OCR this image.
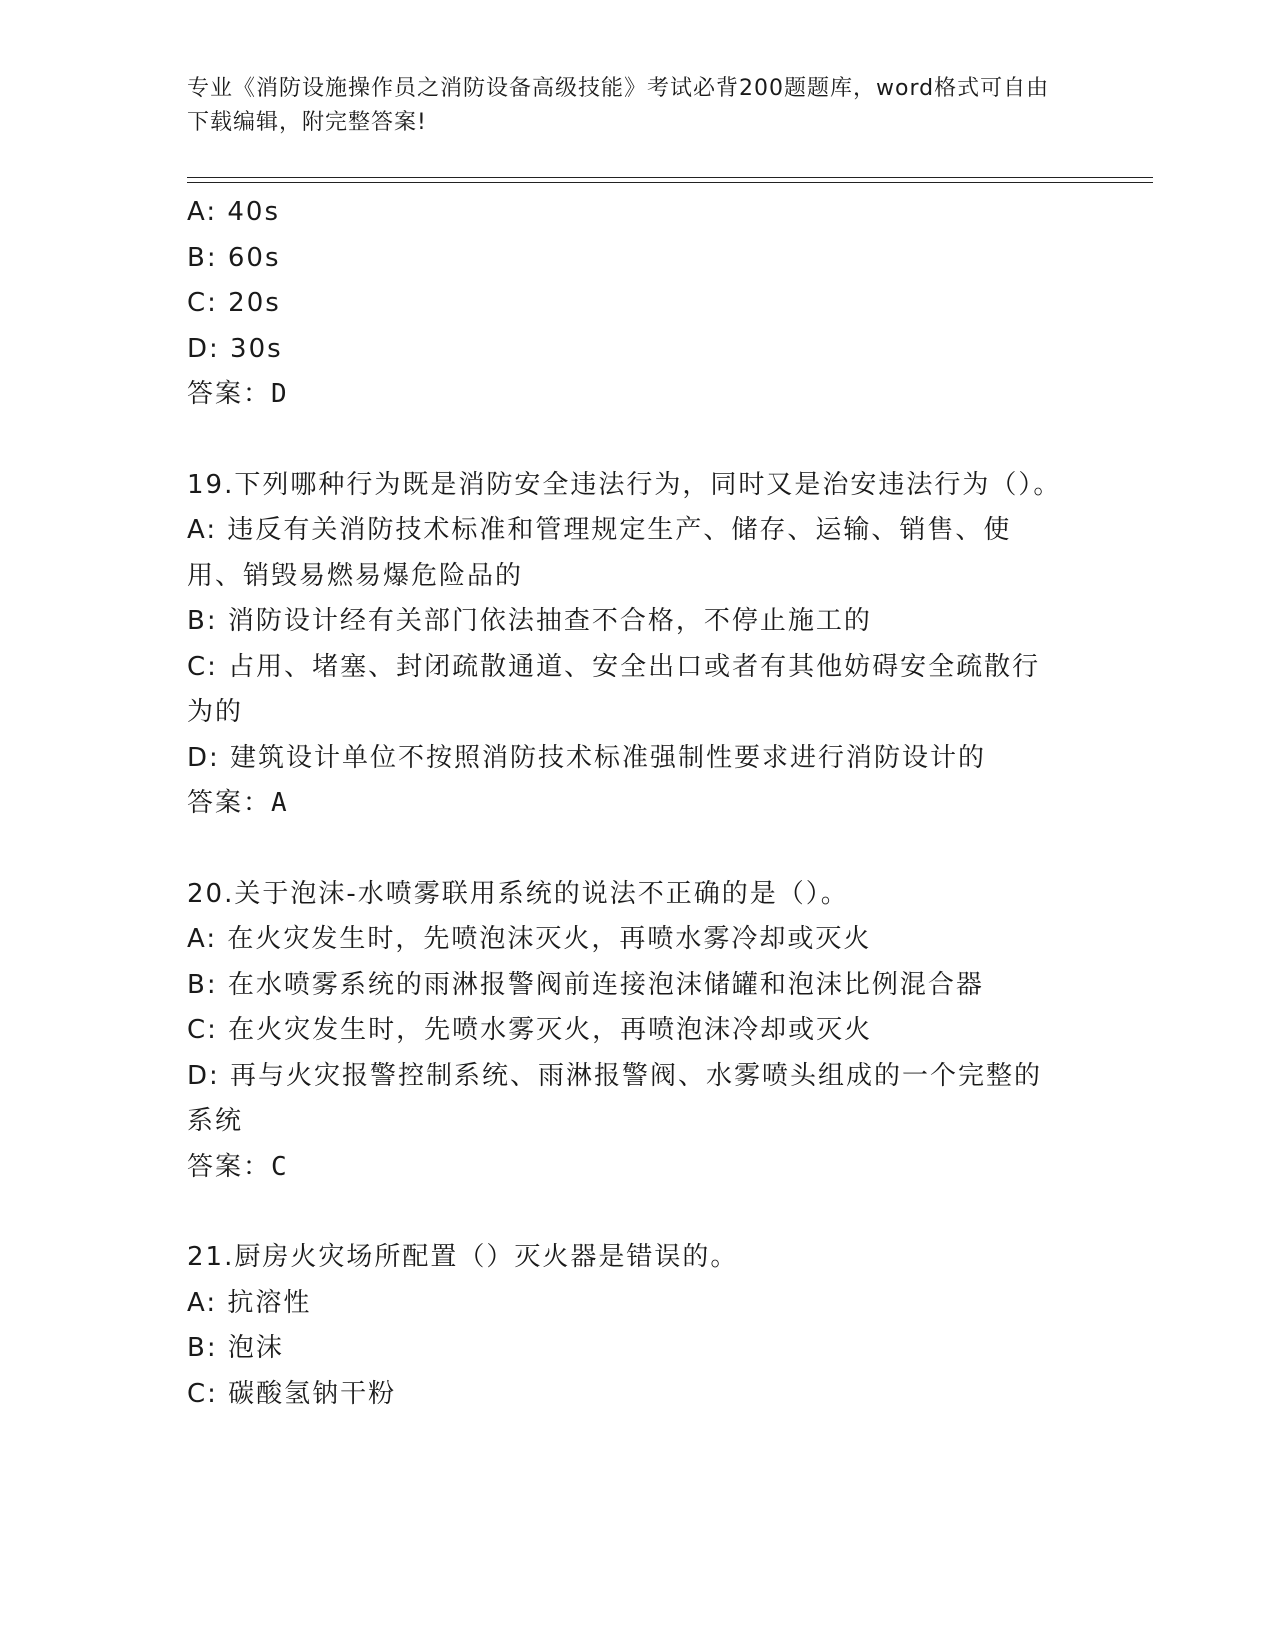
专业《消防设施操作员之消防设备高级技能》考试必背200题题库，word格式可自由下载编辑，附完整答案!

A: 40s

B: 60s

C: 20s

D: 30s

答案：D

19.下列哪种行为既是消防安全违法行为，同时又是治安违法行为（）。

A: 违反有关消防技术标准和管理规定生产、储存、运输、销售、使用、销毁易燃易爆危险品的

B: 消防设计经有关部门依法抽查不合格，不停止施工的

C: 占用、堵塞、封闭疏散通道、安全出口或者有其他妨碍安全疏散行为的

D: 建筑设计单位不按照消防技术标准强制性要求进行消防设计的

答案：A

20.关于泡沫-水喷雾联用系统的说法不正确的是（）。

A: 在火灾发生时，先喷泡沫灭火，再喷水雾冷却或灭火

B: 在水喷雾系统的雨淋报警阀前连接泡沫储罐和泡沫比例混合器

C: 在火灾发生时，先喷水雾灭火，再喷泡沫冷却或灭火

D: 再与火灾报警控制系统、雨淋报警阀、水雾喷头组成的一个完整的系统

答案：C

21.厨房火灾场所配置（）灭火器是错误的。

A: 抗溶性

B: 泡沫

C: 碳酸氢钠干粉
